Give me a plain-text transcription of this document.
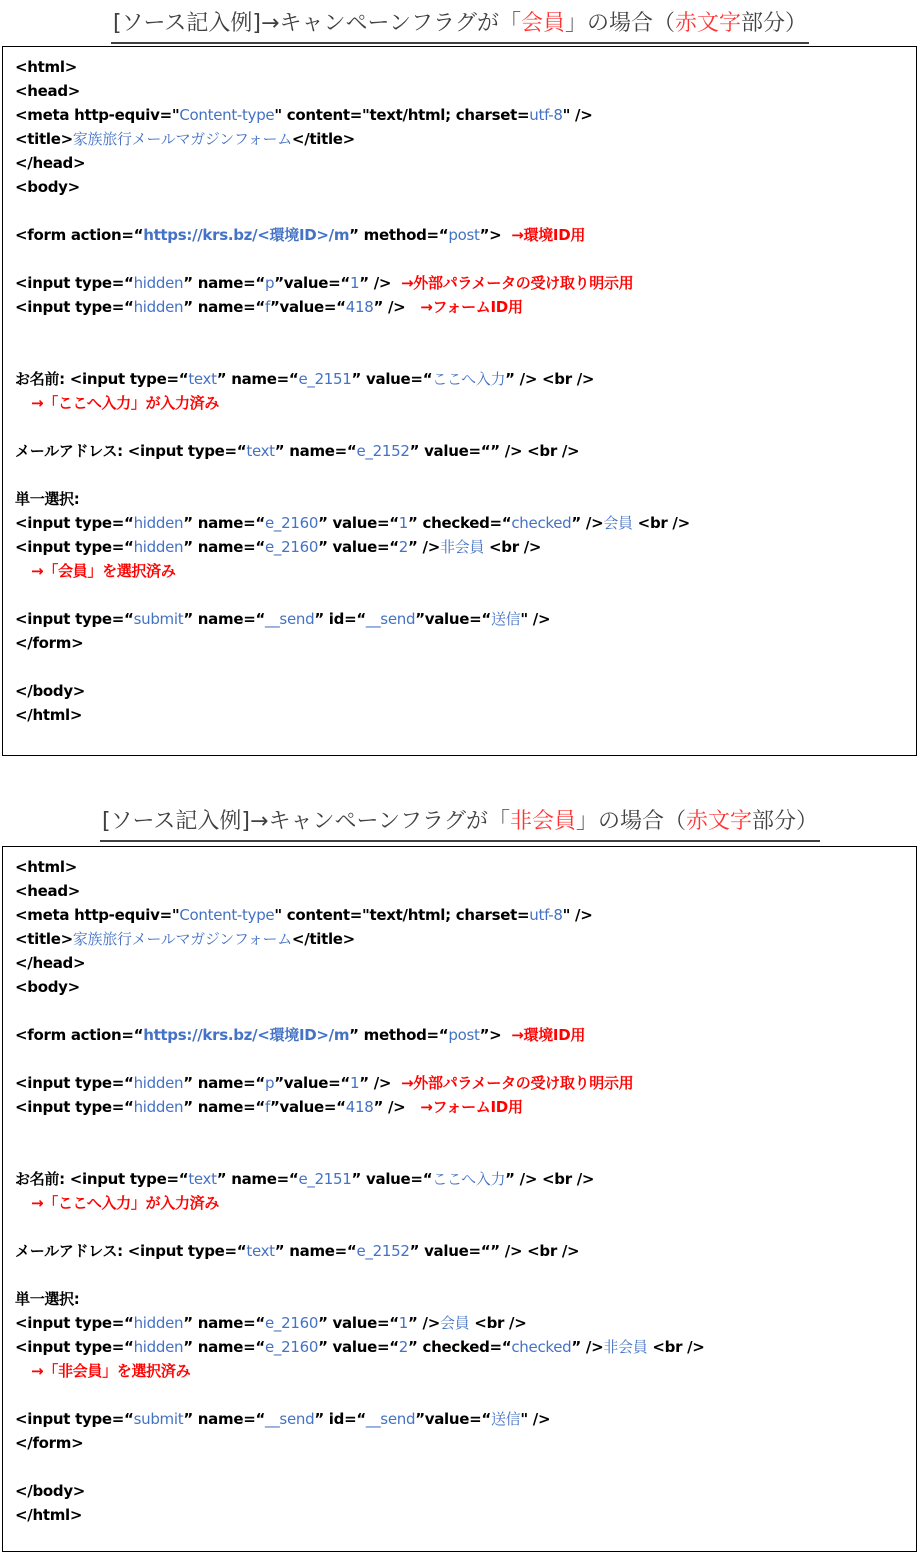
[ソース記入例]→キャンペーンフラグが「会員」の場合（赤文字部分）
<html>
<head>
<meta http-equiv="Content-type" content="text/html; charset=utf-8" />
<title>家族旅行メールマガジンフォーム</title>
</head>
<body>
<form action=“https://krs.bz/<環境ID>/m” method=“post”> →環境ID用
<input type=“hidden” name=“p”value=“1” /> →外部パラメータの受け取り明示用
<input type=“hidden” name=“f”value=“418” /> →フォームID用
お名前: <input type=“text” name=“e_2151” value=“ここへ入力” /> <br />
→「ここへ入力」が入力済み
メールアドレス: <input type=“text” name=“e_2152” value=“” /> <br />
単一選択:
<input type=“hidden” name=“e_2160” value=“1” checked=“checked” />会員 <br />
<input type=“hidden” name=“e_2160” value=“2” />非会員 <br />
→「会員」を選択済み
<input type=“submit” name=“__send” id=“__send”value=“送信" />
</form>
</body>
</html>
[ソース記入例]→キャンペーンフラグが「非会員」の場合（赤文字部分）
<html>
<head>
<meta http-equiv="Content-type" content="text/html; charset=utf-8" />
<title>家族旅行メールマガジンフォーム</title>
</head>
<body>
<form action=“https://krs.bz/<環境ID>/m” method=“post”> →環境ID用
<input type=“hidden” name=“p”value=“1” /> →外部パラメータの受け取り明示用
<input type=“hidden” name=“f”value=“418” /> →フォームID用
お名前: <input type=“text” name=“e_2151” value=“ここへ入力” /> <br />
→「ここへ入力」が入力済み
メールアドレス: <input type=“text” name=“e_2152” value=“” /> <br />
単一選択:
<input type=“hidden” name=“e_2160” value=“1” />会員 <br />
<input type=“hidden” name=“e_2160” value=“2” checked=“checked” />非会員 <br />
→「非会員」を選択済み
<input type=“submit” name=“__send” id=“__send”value=“送信" />
</form>
</body>
</html>
